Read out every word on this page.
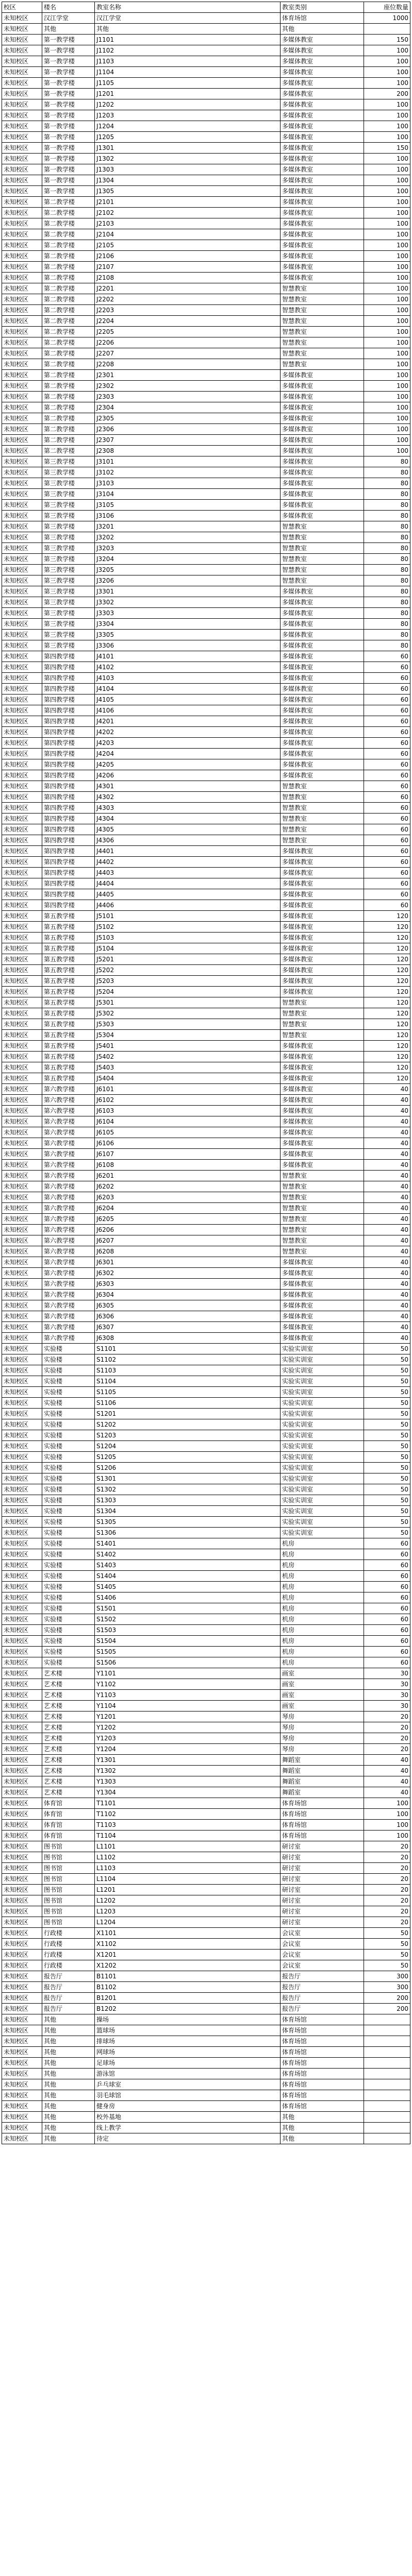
校区	楼名	教室名称	教室类别	座位数量
未知校区	汉江学堂	汉江学堂	体育场馆	1000
未知校区	其他	其他	其他	
未知校区	第一教学楼	J1101	多媒体教室	150
未知校区	第一教学楼	J1102	多媒体教室	100
未知校区	第一教学楼	J1103	多媒体教室	100
未知校区	第一教学楼	J1104	多媒体教室	100
未知校区	第一教学楼	J1105	多媒体教室	100
未知校区	第一教学楼	J1201	多媒体教室	200
未知校区	第一教学楼	J1202	多媒体教室	100
未知校区	第一教学楼	J1203	多媒体教室	100
未知校区	第一教学楼	J1204	多媒体教室	100
未知校区	第一教学楼	J1205	多媒体教室	100
未知校区	第一教学楼	J1301	多媒体教室	150
未知校区	第一教学楼	J1302	多媒体教室	100
未知校区	第一教学楼	J1303	多媒体教室	100
未知校区	第一教学楼	J1304	多媒体教室	100
未知校区	第一教学楼	J1305	多媒体教室	100
未知校区	第二教学楼	J2101	多媒体教室	100
未知校区	第二教学楼	J2102	多媒体教室	100
未知校区	第二教学楼	J2103	多媒体教室	100
未知校区	第二教学楼	J2104	多媒体教室	100
未知校区	第二教学楼	J2105	多媒体教室	100
未知校区	第二教学楼	J2106	多媒体教室	100
未知校区	第二教学楼	J2107	多媒体教室	100
未知校区	第二教学楼	J2108	多媒体教室	100
未知校区	第二教学楼	J2201	智慧教室	100
未知校区	第二教学楼	J2202	智慧教室	100
未知校区	第二教学楼	J2203	智慧教室	100
未知校区	第二教学楼	J2204	智慧教室	100
未知校区	第二教学楼	J2205	智慧教室	100
未知校区	第二教学楼	J2206	智慧教室	100
未知校区	第二教学楼	J2207	智慧教室	100
未知校区	第二教学楼	J2208	智慧教室	100
未知校区	第二教学楼	J2301	多媒体教室	100
未知校区	第二教学楼	J2302	多媒体教室	100
未知校区	第二教学楼	J2303	多媒体教室	100
未知校区	第二教学楼	J2304	多媒体教室	100
未知校区	第二教学楼	J2305	多媒体教室	100
未知校区	第二教学楼	J2306	多媒体教室	100
未知校区	第二教学楼	J2307	多媒体教室	100
未知校区	第二教学楼	J2308	多媒体教室	100
未知校区	第三教学楼	J3101	多媒体教室	80
未知校区	第三教学楼	J3102	多媒体教室	80
未知校区	第三教学楼	J3103	多媒体教室	80
未知校区	第三教学楼	J3104	多媒体教室	80
未知校区	第三教学楼	J3105	多媒体教室	80
未知校区	第三教学楼	J3106	多媒体教室	80
未知校区	第三教学楼	J3201	智慧教室	80
未知校区	第三教学楼	J3202	智慧教室	80
未知校区	第三教学楼	J3203	智慧教室	80
未知校区	第三教学楼	J3204	智慧教室	80
未知校区	第三教学楼	J3205	智慧教室	80
未知校区	第三教学楼	J3206	智慧教室	80
未知校区	第三教学楼	J3301	多媒体教室	80
未知校区	第三教学楼	J3302	多媒体教室	80
未知校区	第三教学楼	J3303	多媒体教室	80
未知校区	第三教学楼	J3304	多媒体教室	80
未知校区	第三教学楼	J3305	多媒体教室	80
未知校区	第三教学楼	J3306	多媒体教室	80
未知校区	第四教学楼	J4101	多媒体教室	60
未知校区	第四教学楼	J4102	多媒体教室	60
未知校区	第四教学楼	J4103	多媒体教室	60
未知校区	第四教学楼	J4104	多媒体教室	60
未知校区	第四教学楼	J4105	多媒体教室	60
未知校区	第四教学楼	J4106	多媒体教室	60
未知校区	第四教学楼	J4201	多媒体教室	60
未知校区	第四教学楼	J4202	多媒体教室	60
未知校区	第四教学楼	J4203	多媒体教室	60
未知校区	第四教学楼	J4204	多媒体教室	60
未知校区	第四教学楼	J4205	多媒体教室	60
未知校区	第四教学楼	J4206	多媒体教室	60
未知校区	第四教学楼	J4301	智慧教室	60
未知校区	第四教学楼	J4302	智慧教室	60
未知校区	第四教学楼	J4303	智慧教室	60
未知校区	第四教学楼	J4304	智慧教室	60
未知校区	第四教学楼	J4305	智慧教室	60
未知校区	第四教学楼	J4306	智慧教室	60
未知校区	第四教学楼	J4401	多媒体教室	60
未知校区	第四教学楼	J4402	多媒体教室	60
未知校区	第四教学楼	J4403	多媒体教室	60
未知校区	第四教学楼	J4404	多媒体教室	60
未知校区	第四教学楼	J4405	多媒体教室	60
未知校区	第四教学楼	J4406	多媒体教室	60
未知校区	第五教学楼	J5101	多媒体教室	120
未知校区	第五教学楼	J5102	多媒体教室	120
未知校区	第五教学楼	J5103	多媒体教室	120
未知校区	第五教学楼	J5104	多媒体教室	120
未知校区	第五教学楼	J5201	多媒体教室	120
未知校区	第五教学楼	J5202	多媒体教室	120
未知校区	第五教学楼	J5203	多媒体教室	120
未知校区	第五教学楼	J5204	多媒体教室	120
未知校区	第五教学楼	J5301	智慧教室	120
未知校区	第五教学楼	J5302	智慧教室	120
未知校区	第五教学楼	J5303	智慧教室	120
未知校区	第五教学楼	J5304	智慧教室	120
未知校区	第五教学楼	J5401	多媒体教室	120
未知校区	第五教学楼	J5402	多媒体教室	120
未知校区	第五教学楼	J5403	多媒体教室	120
未知校区	第五教学楼	J5404	多媒体教室	120
未知校区	第六教学楼	J6101	多媒体教室	40
未知校区	第六教学楼	J6102	多媒体教室	40
未知校区	第六教学楼	J6103	多媒体教室	40
未知校区	第六教学楼	J6104	多媒体教室	40
未知校区	第六教学楼	J6105	多媒体教室	40
未知校区	第六教学楼	J6106	多媒体教室	40
未知校区	第六教学楼	J6107	多媒体教室	40
未知校区	第六教学楼	J6108	多媒体教室	40
未知校区	第六教学楼	J6201	智慧教室	40
未知校区	第六教学楼	J6202	智慧教室	40
未知校区	第六教学楼	J6203	智慧教室	40
未知校区	第六教学楼	J6204	智慧教室	40
未知校区	第六教学楼	J6205	智慧教室	40
未知校区	第六教学楼	J6206	智慧教室	40
未知校区	第六教学楼	J6207	智慧教室	40
未知校区	第六教学楼	J6208	智慧教室	40
未知校区	第六教学楼	J6301	多媒体教室	40
未知校区	第六教学楼	J6302	多媒体教室	40
未知校区	第六教学楼	J6303	多媒体教室	40
未知校区	第六教学楼	J6304	多媒体教室	40
未知校区	第六教学楼	J6305	多媒体教室	40
未知校区	第六教学楼	J6306	多媒体教室	40
未知校区	第六教学楼	J6307	多媒体教室	40
未知校区	第六教学楼	J6308	多媒体教室	40
未知校区	实验楼	S1101	实验实训室	50
未知校区	实验楼	S1102	实验实训室	50
未知校区	实验楼	S1103	实验实训室	50
未知校区	实验楼	S1104	实验实训室	50
未知校区	实验楼	S1105	实验实训室	50
未知校区	实验楼	S1106	实验实训室	50
未知校区	实验楼	S1201	实验实训室	50
未知校区	实验楼	S1202	实验实训室	50
未知校区	实验楼	S1203	实验实训室	50
未知校区	实验楼	S1204	实验实训室	50
未知校区	实验楼	S1205	实验实训室	50
未知校区	实验楼	S1206	实验实训室	50
未知校区	实验楼	S1301	实验实训室	50
未知校区	实验楼	S1302	实验实训室	50
未知校区	实验楼	S1303	实验实训室	50
未知校区	实验楼	S1304	实验实训室	50
未知校区	实验楼	S1305	实验实训室	50
未知校区	实验楼	S1306	实验实训室	50
未知校区	实验楼	S1401	机房	60
未知校区	实验楼	S1402	机房	60
未知校区	实验楼	S1403	机房	60
未知校区	实验楼	S1404	机房	60
未知校区	实验楼	S1405	机房	60
未知校区	实验楼	S1406	机房	60
未知校区	实验楼	S1501	机房	60
未知校区	实验楼	S1502	机房	60
未知校区	实验楼	S1503	机房	60
未知校区	实验楼	S1504	机房	60
未知校区	实验楼	S1505	机房	60
未知校区	实验楼	S1506	机房	60
未知校区	艺术楼	Y1101	画室	30
未知校区	艺术楼	Y1102	画室	30
未知校区	艺术楼	Y1103	画室	30
未知校区	艺术楼	Y1104	画室	30
未知校区	艺术楼	Y1201	琴房	20
未知校区	艺术楼	Y1202	琴房	20
未知校区	艺术楼	Y1203	琴房	20
未知校区	艺术楼	Y1204	琴房	20
未知校区	艺术楼	Y1301	舞蹈室	40
未知校区	艺术楼	Y1302	舞蹈室	40
未知校区	艺术楼	Y1303	舞蹈室	40
未知校区	艺术楼	Y1304	舞蹈室	40
未知校区	体育馆	T1101	体育场馆	100
未知校区	体育馆	T1102	体育场馆	100
未知校区	体育馆	T1103	体育场馆	100
未知校区	体育馆	T1104	体育场馆	100
未知校区	图书馆	L1101	研讨室	20
未知校区	图书馆	L1102	研讨室	20
未知校区	图书馆	L1103	研讨室	20
未知校区	图书馆	L1104	研讨室	20
未知校区	图书馆	L1201	研讨室	20
未知校区	图书馆	L1202	研讨室	20
未知校区	图书馆	L1203	研讨室	20
未知校区	图书馆	L1204	研讨室	20
未知校区	行政楼	X1101	会议室	50
未知校区	行政楼	X1102	会议室	50
未知校区	行政楼	X1201	会议室	50
未知校区	行政楼	X1202	会议室	50
未知校区	报告厅	B1101	报告厅	300
未知校区	报告厅	B1102	报告厅	300
未知校区	报告厅	B1201	报告厅	200
未知校区	报告厅	B1202	报告厅	200
未知校区	其他	操场	体育场馆	
未知校区	其他	篮球场	体育场馆	
未知校区	其他	排球场	体育场馆	
未知校区	其他	网球场	体育场馆	
未知校区	其他	足球场	体育场馆	
未知校区	其他	游泳馆	体育场馆	
未知校区	其他	乒乓球室	体育场馆	
未知校区	其他	羽毛球馆	体育场馆	
未知校区	其他	健身房	体育场馆	
未知校区	其他	校外基地	其他	
未知校区	其他	线上教学	其他	
未知校区	其他	待定	其他	
